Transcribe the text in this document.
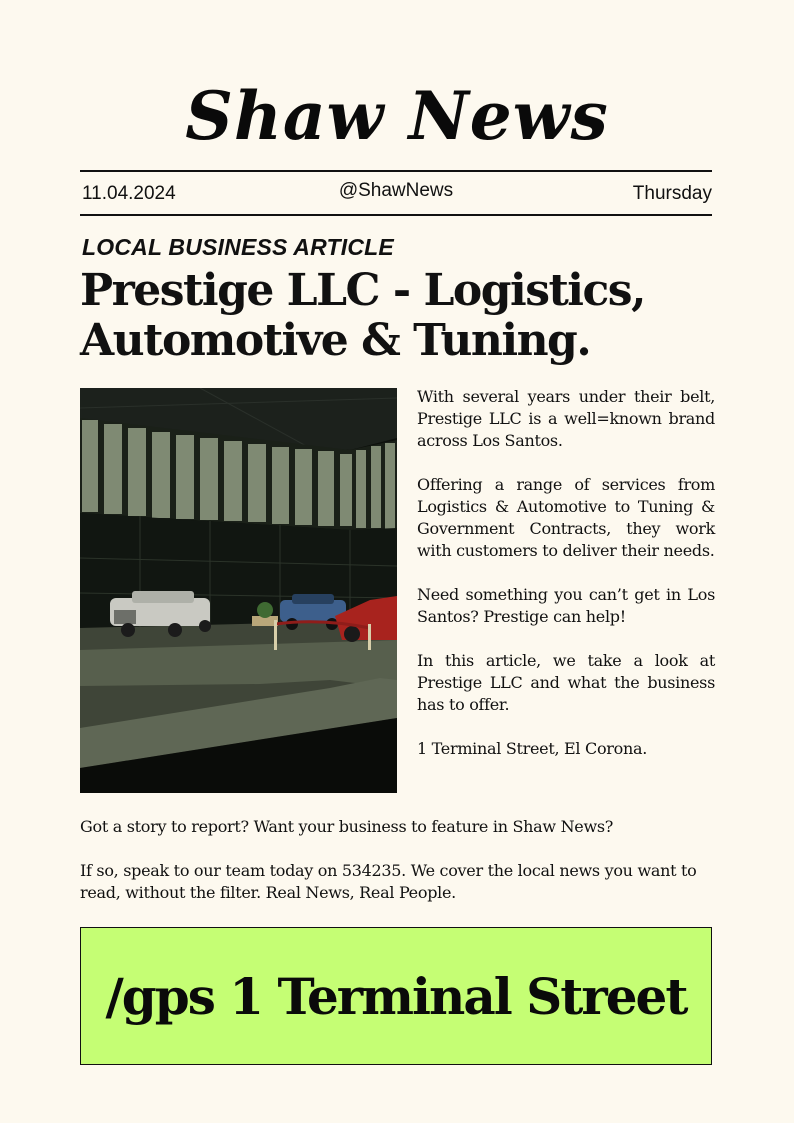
Shaw News
11.04.2024	@ShawNews	Thursday
LOCAL BUSINESS ARTICLE
Prestige LLC - Logistics, Automotive & Tuning.

With several years under their belt, Prestige LLC is a well=known brand across Los Santos.

Offering a range of services from Logistics & Automotive to Tuning & Government Contracts, they work with customers to deliver their needs.

Need something you can’t get in Los Santos? Prestige can help!

In this article, we take a look at Prestige LLC and what the business has to offer.

1 Terminal Street, El Corona.

Got a story to report? Want your business to feature in Shaw News?

If so, speak to our team today on 534235. We cover the local news you want to read, without the filter. Real News, Real People.

/gps 1 Terminal Street
